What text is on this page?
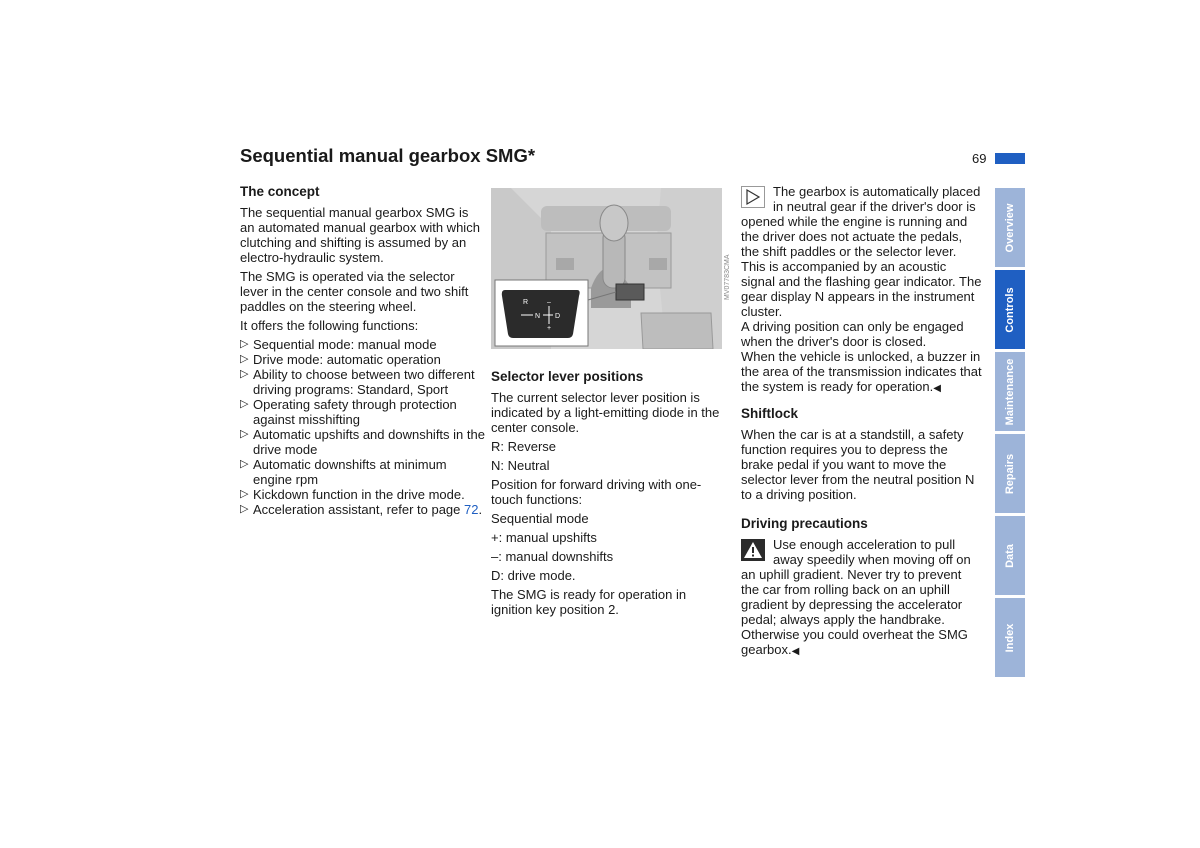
Sequential manual gearbox SMG*	69
The concept

The sequential manual gearbox SMG is an automated manual gearbox with which clutching and shifting is assumed by an electro-hydraulic system.

The SMG is operated via the selector lever in the center console and two shift paddles on the steering wheel.

It offers the following functions:

▷ Sequential mode: manual mode
▷ Drive mode: automatic operation
▷ Ability to choose between two different driving programs: Standard, Sport
▷ Operating safety through protection against misshifting
▷ Automatic upshifts and downshifts in the drive mode
▷ Automatic downshifts at minimum engine rpm
▷ Kickdown function in the drive mode.
▷ Acceleration assistant, refer to page 72.
R
N D
–
+
MV07783CMA
Selector lever positions

The current selector lever position is indicated by a light-emitting diode in the center console.

R: Reverse

N: Neutral

Position for forward driving with one-touch functions:

Sequential mode

+: manual upshifts

–: manual downshifts

D: drive mode.

The SMG is ready for operation in ignition key position 2.

The gearbox is automatically placed in neutral gear if the driver's door is opened while the engine is running and the driver does not actuate the pedals, the shift paddles or the selector lever.
This is accompanied by an acoustic signal and the flashing gear indicator. The gear display N appears in the instrument cluster.
A driving position can only be engaged when the driver's door is closed.
When the vehicle is unlocked, a buzzer in the area of the transmission indicates that the system is ready for operation.◀
Shiftlock

When the car is at a standstill, a safety function requires you to depress the brake pedal if you want to move the selector lever from the neutral position N to a driving position.

Driving precautions
Use enough acceleration to pull away speedily when moving off on an uphill gradient. Never try to prevent the car from rolling back on an uphill gradient by depressing the accelerator pedal; always apply the handbrake. Otherwise you could overheat the SMG gearbox.◀
Overview
Controls
Maintenance
Repairs
Data
Index
